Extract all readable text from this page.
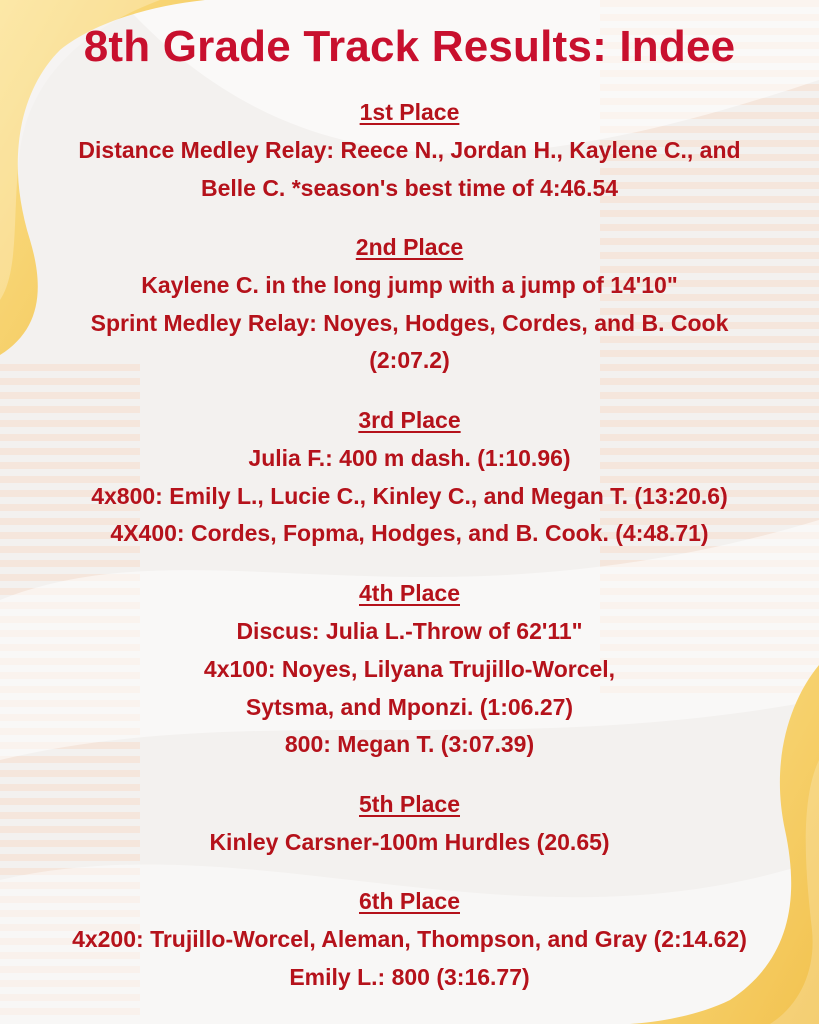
8th Grade Track Results: Indee
1st Place
Distance Medley Relay: Reece N., Jordan H., Kaylene C., and
Belle C. *season's best time of 4:46.54
2nd Place
Kaylene C. in the long jump with a jump of 14'10"
Sprint Medley Relay: Noyes, Hodges, Cordes, and B. Cook
(2:07.2)
3rd Place
Julia F.: 400 m dash. (1:10.96)
4x800: Emily L., Lucie C., Kinley C., and Megan T. (13:20.6)
4X400: Cordes, Fopma, Hodges, and B. Cook. (4:48.71)
4th Place
Discus: Julia L.-Throw of 62'11"
4x100: Noyes, Lilyana Trujillo-Worcel,
Sytsma, and Mponzi. (1:06.27)
800: Megan T. (3:07.39)
5th Place
Kinley Carsner-100m Hurdles (20.65)
6th Place
4x200: Trujillo-Worcel, Aleman, Thompson, and Gray (2:14.62)
Emily L.: 800 (3:16.77)
